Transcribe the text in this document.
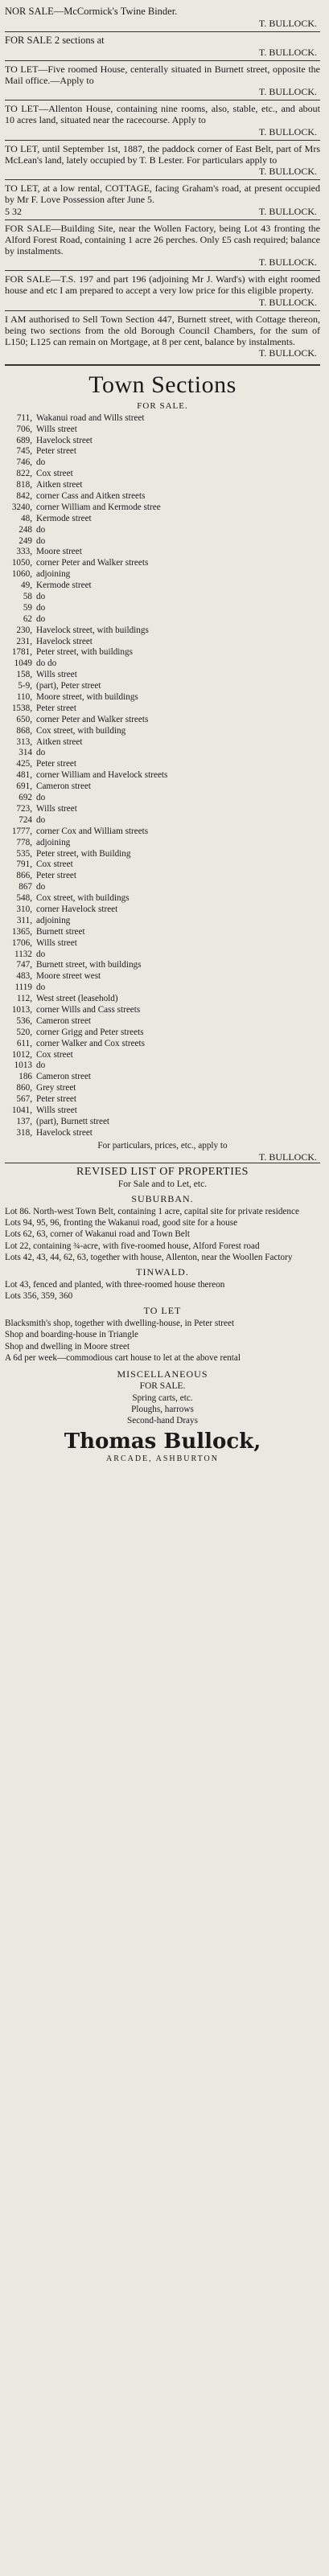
NOR SALE—McCormick's Twine Binder.
T. BULLOCK.
FOR SALE 2 sections at
T. BULLOCK.
TO LET—Five roomed House, centerally situated in Burnett street, opposite the Mail office.—Apply to
T. BULLOCK.
TO LET—Allenton House, containing nine rooms, also, stable, etc., and about 10 acres land, situated near the racecourse. Apply to
T. BULLOCK.
TO LET, until September 1st, 1887, the paddock corner of East Belt, part of Mrs McLean's land, lately occupied by T. B Lester. For particulars apply to
T. BULLOCK.
TO LET, at a low rental, COTTAGE, facing Graham's road, at present occupied by Mr F. Love Possession after June 5.
5 32	T. BULLOCK.
FOR SALE—Building Site, near the Wollen Factory, being Lot 43 fronting the Alford Forest Road, containing 1 acre 26 perches. Only £5 cash required; balance by instalments.
T. BULLOCK.
FOR SALE—T.S. 197 and part 196 (adjoining Mr J. Ward's) with eight roomed house and etc I am prepared to accept a very low price for this eligible property.
T. BULLOCK.
I AM authorised to Sell Town Section 447, Burnett street, with Cottage thereon, being two sections from the old Borough Council Chambers, for the sum of L150; L125 can remain on Mortgage, at 8 per cent, balance by instalments.
T. BULLOCK.
Town Sections
FOR SALE.
711, Wakanui road and Wills street
706, Wills street
689, Havelock street
745, Peter street
746, do
822, Cox street
818, Aitken street
842, corner Cass and Aitken streets
3240, corner William and Kermode stree
48, Kermode street
248 do
249 do
333, Moore street
1050, corner Peter and Walker streets
1060, adjoining
49, Kermode street
58 do
59 do
62 do
230, Havelock street, with buildings
231, Havelock street
1781, Peter street, with buildings
1049 do do
158, Wills street
5-9, (part), Peter street
110, Moore street, with buildings
1538, Peter street
650, corner Peter and Walker streets
868, Cox street, with building
313, Aitken street
314 do
425, Peter street
481, corner William and Havelock streets
691, Cameron street
692 do
723, Wills street
724 do
1777, corner Cox and William streets
778, adjoining
535, Peter street, with Building
791, Cox street
866, Peter street
867 do
548, Cox street, with buildings
310, corner Havelock street
311, adjoining
1365, Burnett street
1706, Wills street
1132 do
747, Burnett street, with buildings
483, Moore street west
1119 do
112, West street (leasehold)
1013, corner Wills and Cass streets
536, Cameron street
520, corner Grigg and Peter streets
611, corner Walker and Cox streets
1012, Cox street
1013 do
186 Cameron street
860, Grey street
567, Peter street
1041, Wills street
137, (part), Burnett street
318, Havelock street
For particulars, prices, etc., apply to
T. BULLOCK.
REVISED LIST OF PROPERTIES
For Sale and to Let, etc.
SUBURBAN.
Lot 86. North-west Town Belt, containing 1 acre, capital site for private residence
Lots 94, 95, 96, fronting the Wakanui road, good site for a house
Lots 62, 63, corner of Wakanui road and Town Belt
Lot 22, containing ¾-acre, with five-roomed house, Alford Forest road
Lots 42, 43, 44, 62, 63, together with house, Allenton, near the Woollen Factory
TINWALD.
Lot 43, fenced and planted, with three-roomed house thereon
Lots 356, 359, 360
TO LET
Blacksmith's shop, together with dwelling-house, in Peter street
Shop and boarding-house in Triangle
Shop and dwelling in Moore street
A 6d per week—commodious cart house to let at the above rental
MISCELLANEOUS
FOR SALE.
Spring carts, etc.
Ploughs, harrows
Second-hand Drays
Thomas Bullock,
ARCADE, ASHBURTON
